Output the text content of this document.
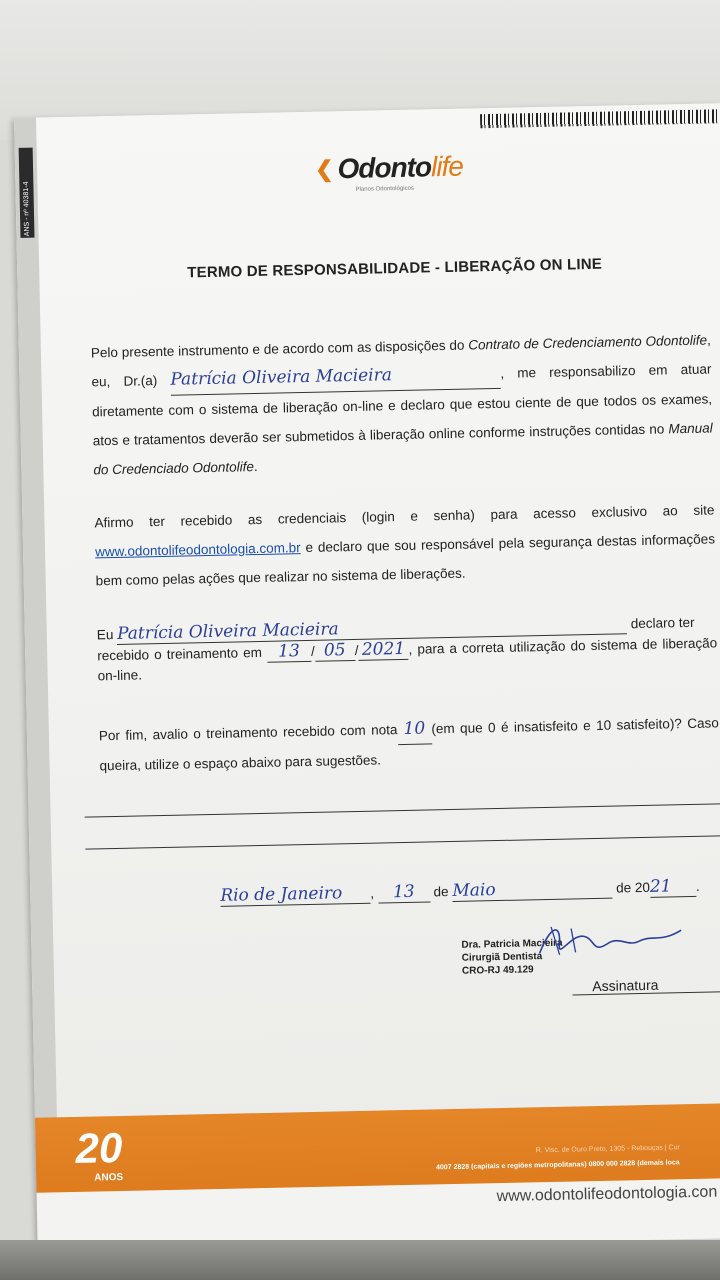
ANS - nº 40381-4
❮ Odontolife
Planos Odontológicos
TERMO DE RESPONSABILIDADE - LIBERAÇÃO ON LINE
Pelo presente instrumento e de acordo com as disposições do Contrato de Credenciamento Odontolife, eu, Dr.(a) Patrícia Oliveira Macieira	, me responsabilizo em atuar diretamente com o sistema de liberação on-line e declaro que estou ciente de que todos os exames, atos e tratamentos deverão ser submetidos à liberação online conforme instruções contidas no Manual do Credenciado Odontolife.
Afirmo ter recebido as credenciais (login e senha) para acesso exclusivo ao site www.odontolifeodontologia.com.br e declaro que sou responsável pela segurança destas informações bem como pelas ações que realizar no sistema de liberações.
Eu Patrícia Oliveira Macieira	declaro ter
recebido o treinamento em 13 / 05 / 2021 , para a correta utilização do sistema de liberação on-line.
Por fim, avalio o treinamento recebido com nota 10 (em que 0 é insatisfeito e 10 satisfeito)? Caso queira, utilize o espaço abaixo para sugestões.
Rio de Janeiro , 13 de Maio	de 2021 .
Dra. Patricia Macieira
Cirurgiã Dentista
CRO-RJ 49.129
Assinatura
20
ANOS
R. Visc. de Ouro Preto, 1305 - Rebouças | Cur
4007 2828 (capitais e regiões metropolitanas) 0800 000 2828 (demais loca
www.odontolifeodontologia.con
